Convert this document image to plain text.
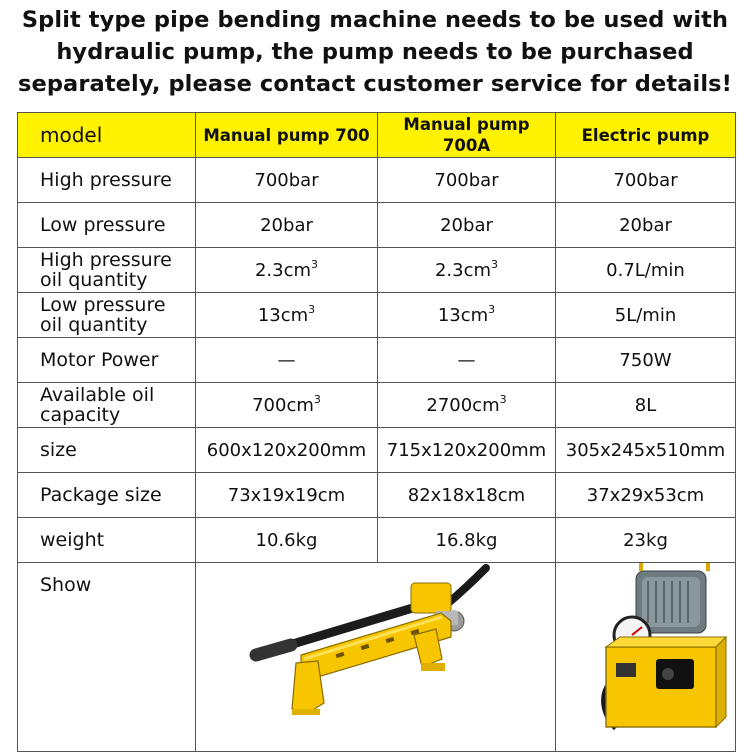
Split type pipe bending machine needs to be used with
hydraulic pump, the pump needs to be purchased
separately, please contact customer service for details!
model	Manual pump 700	Manual pump 700A	Electric pump
High pressure	700bar	700bar	700bar
Low pressure	20bar	20bar	20bar
High pressure
oil quantity	$2.3cm^3$	$2.3cm^3$	0.7L/min
Low pressure
oil quantity	$13cm^3$	$13cm^3$	5L/min
Motor Power	—	—	750W
Available oil
capacity	$700cm^3$	$2700cm^3$	8L
size	600x120x200mm	715x120x200mm	305x245x510mm
Package size	73x19x19cm	82x18x18cm	37x29x53cm
weight	10.6kg	16.8kg	23kg
Show	
